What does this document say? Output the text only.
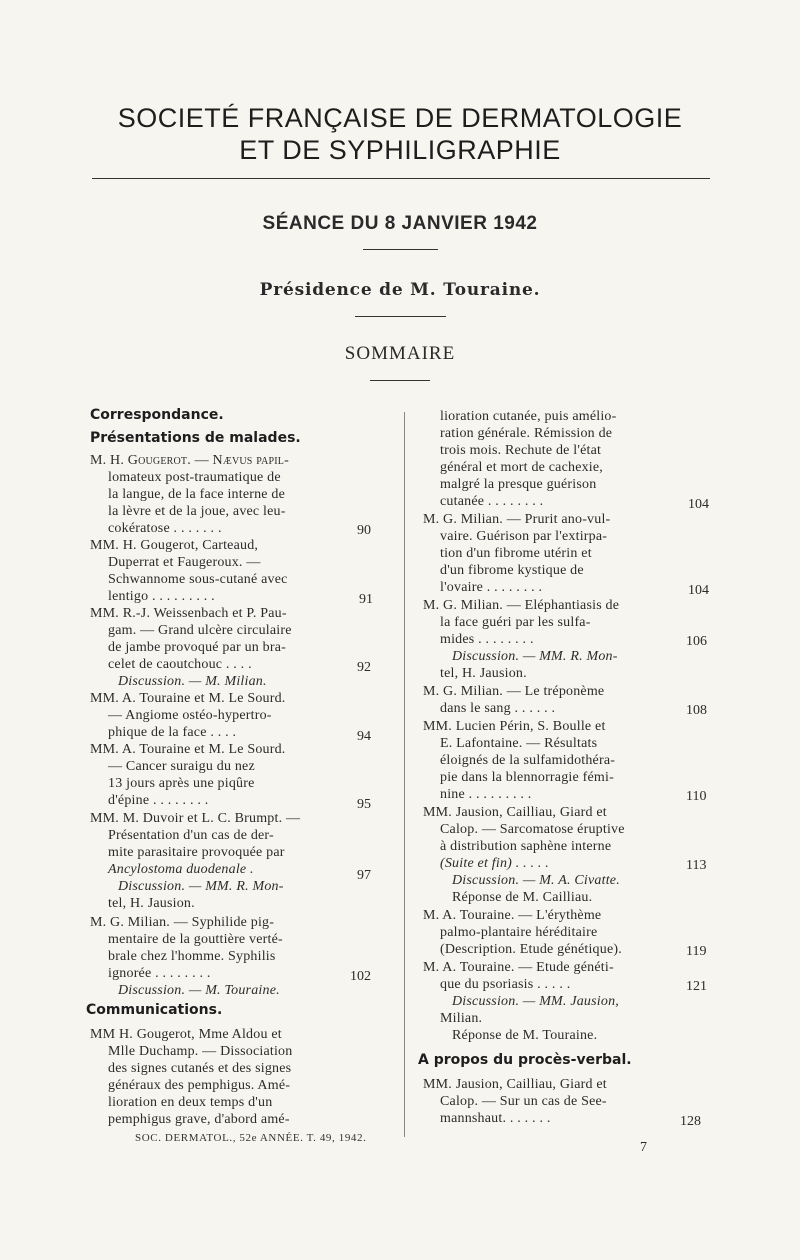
SOCIETÉ FRANÇAISE DE DERMATOLOGIE
ET DE SYPHILIGRAPHIE
SÉANCE DU 8 JANVIER 1942
Présidence de M. Touraine.
SOMMAIRE
Correspondance.
Présentations de malades.
M. H. Gougerot. — Nævus papil-
lomateux post-traumatique de
la langue, de la face interne de
la lèvre et de la joue, avec leu-
cokératose . . . . . . .	90
MM. H. Gougerot, Carteaud,
Duperrat et Faugeroux. —
Schwannome sous-cutané avec
lentigo . . . . . . . . .	91
MM. R.-J. Weissenbach et P. Pau-
gam. — Grand ulcère circulaire
de jambe provoqué par un bra-
celet de caoutchouc . . . .	92
Discussion. — M. Milian.
MM. A. Touraine et M. Le Sourd.
— Angiome ostéo-hypertro-
phique de la face . . . .	94
MM. A. Touraine et M. Le Sourd.
— Cancer suraigu du nez
13 jours après une piqûre
d'épine . . . . . . . .	95
MM. M. Duvoir et L. C. Brumpt. —
Présentation d'un cas de der-
mite parasitaire provoquée par
Ancylostoma duodenale .	97
Discussion. — MM. R. Mon-
tel, H. Jausion.
M. G. Milian. — Syphilide pig-
mentaire de la gouttière verté-
brale chez l'homme. Syphilis
ignorée . . . . . . . .	102
Discussion. — M. Touraine.
Communications.
MM H. Gougerot, Mme Aldou et
Mlle Duchamp. — Dissociation
des signes cutanés et des signes
généraux des pemphigus. Amé-
lioration en deux temps d'un
pemphigus grave, d'abord amé-
lioration cutanée, puis amélio-
ration générale. Rémission de
trois mois. Rechute de l'état
général et mort de cachexie,
malgré la presque guérison
cutanée . . . . . . . .	104
M. G. Milian. — Prurit ano-vul-
vaire. Guérison par l'extirpa-
tion d'un fibrome utérin et
d'un fibrome kystique de
l'ovaire . . . . . . . .	104
M. G. Milian. — Eléphantiasis de
la face guéri par les sulfa-
mides . . . . . . . .	106
Discussion. — MM. R. Mon-
tel, H. Jausion.
M. G. Milian. — Le tréponème
dans le sang . . . . . .	108
MM. Lucien Périn, S. Boulle et
E. Lafontaine. — Résultats
éloignés de la sulfamidothéra-
pie dans la blennorragie fémi-
nine . . . . . . . . .	110
MM. Jausion, Cailliau, Giard et
Calop. — Sarcomatose éruptive
à distribution saphène interne
(Suite et fin) . . . . .	113
Discussion. — M. A. Civatte.
Réponse de M. Cailliau.
M. A. Touraine. — L'érythème
palmo-plantaire héréditaire
(Description. Etude génétique).	119
M. A. Touraine. — Etude généti-
que du psoriasis . . . . .	121
Discussion. — MM. Jausion,
Milian.
Réponse de M. Touraine.
A propos du procès-verbal.
MM. Jausion, Cailliau, Giard et
Calop. — Sur un cas de See-
mannshaut. . . . . . .	128
SOC. DERMATOL., 52e ANNÉE. T. 49, 1942.
7
